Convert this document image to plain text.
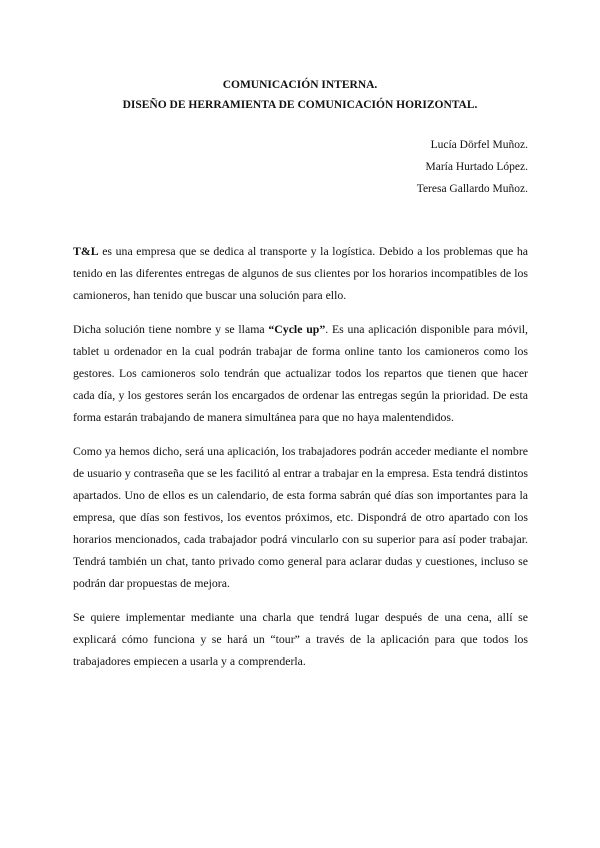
COMUNICACIÓN INTERNA.
DISEÑO DE HERRAMIENTA DE COMUNICACIÓN HORIZONTAL.
Lucía Dörfel Muñoz.
María Hurtado López.
Teresa Gallardo Muñoz.

T&L es una empresa que se dedica al transporte y la logística. Debido a los problemas que ha tenido en las diferentes entregas de algunos de sus clientes por los horarios incompatibles de los camioneros, han tenido que buscar una solución para ello.

Dicha solución tiene nombre y se llama “Cycle up”. Es una aplicación disponible para móvil, tablet u ordenador en la cual podrán trabajar de forma online tanto los camioneros como los gestores. Los camioneros solo tendrán que actualizar todos los repartos que tienen que hacer cada día, y los gestores serán los encargados de ordenar las entregas según la prioridad. De esta forma estarán trabajando de manera simultánea para que no haya malentendidos.

Como ya hemos dicho, será una aplicación, los trabajadores podrán acceder mediante el nombre de usuario y contraseña que se les facilitó al entrar a trabajar en la empresa. Esta tendrá distintos apartados. Uno de ellos es un calendario, de esta forma sabrán qué días son importantes para la empresa, que días son festivos, los eventos próximos, etc. Dispondrá de otro apartado con los horarios mencionados, cada trabajador podrá vincularlo con su superior para así poder trabajar. Tendrá también un chat, tanto privado como general para aclarar dudas y cuestiones, incluso se podrán dar propuestas de mejora.

Se quiere implementar mediante una charla que tendrá lugar después de una cena, allí se explicará cómo funciona y se hará un “tour” a través de la aplicación para que todos los trabajadores empiecen a usarla y a comprenderla.
